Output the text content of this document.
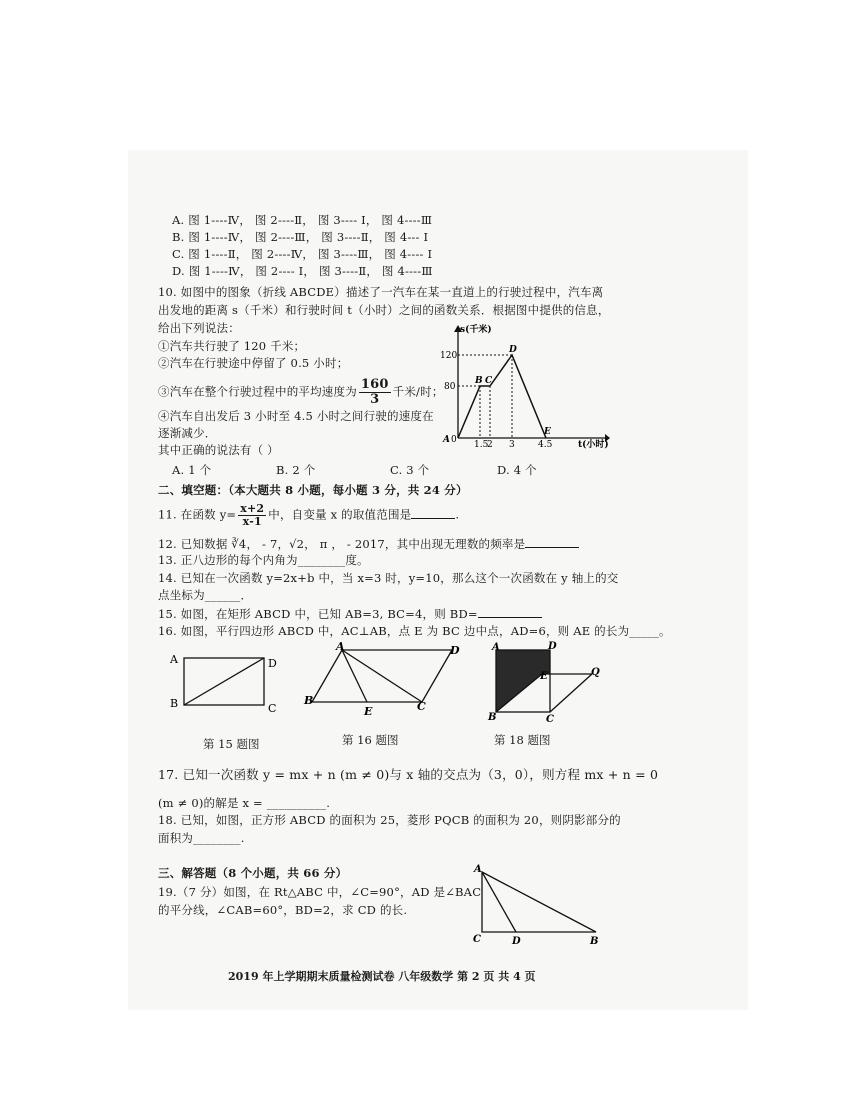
A. 图 1----Ⅳ， 图 2----Ⅱ， 图 3---- Ⅰ， 图 4----Ⅲ
B. 图 1----Ⅳ， 图 2----Ⅲ， 图 3----Ⅱ， 图 4--- Ⅰ
C. 图 1----Ⅱ， 图 2----Ⅳ， 图 3----Ⅲ， 图 4---- Ⅰ
D. 图 1----Ⅳ， 图 2---- Ⅰ， 图 3----Ⅱ， 图 4----Ⅲ
10. 如图中的图象（折线 ABCDE）描述了一汽车在某一直道上的行驶过程中，汽车离
出发地的距离 s（千米）和行驶时间 t（小时）之间的函数关系．根据图中提供的信息，
给出下列说法：
①汽车共行驶了 120 千米；
②汽车在行驶途中停留了 0.5 小时；
③汽车在整个行驶过程中的平均速度为 $\frac{160}{3}$ 千米/时；
④汽车自出发后 3 小时至 4.5 小时之间行驶的速度在
逐渐减少．
其中正确的说法有（ ）
A. 1 个	B. 2 个	C. 3 个	D. 4 个
s(千米)
120
80
1.5
2 3	4.5	t(小时)
0
A
B C
D
E
二、填空题：（本大题共 8 小题，每小题 3 分，共 24 分）
11. 在函数 $y= \frac{x+2}{x-1}$ 中，自变量 x 的取值范围是	.
12. 已知数据 ∛4， - 7，√2， π ， - 2017，其中出现无理数的频率是
13. 正八边形的每个内角为________度。
14. 已知在一次函数 y=2x+b 中，当 x=3 时，y=10，那么这个一次函数在 y 轴上的交
点坐标为______．
15. 如图，在矩形 ABCD 中，已知 AB=3, BC=4，则 BD=
16. 如图，平行四边形 ABCD 中，AC⊥AB，点 E 为 BC 边中点，AD=6，则 AE 的长为_____。
A	D
B	C
第 15 题图
A	D
B
E	C
第 16 题图
A	D
E	Q
B	C
第 18 题图
17. 已知一次函数 y = mx + n (m ≠ 0)与 x 轴的交点为（3，0），则方程 mx + n = 0
(m ≠ 0)的解是 x = __________.
18. 已知，如图，正方形 ABCD 的面积为 25，菱形 PQCB 的面积为 20，则阴影部分的
面积为________.
三、解答题（8 个小题，共 66 分）
19.（7 分）如图，在 Rt△ABC 中，∠C=90°，AD 是∠BAC
的平分线，∠CAB=60°，BD=2，求 CD 的长.
A
C	D	B
2019 年上学期期末质量检测试卷 八年级数学 第 2 页 共 4 页
